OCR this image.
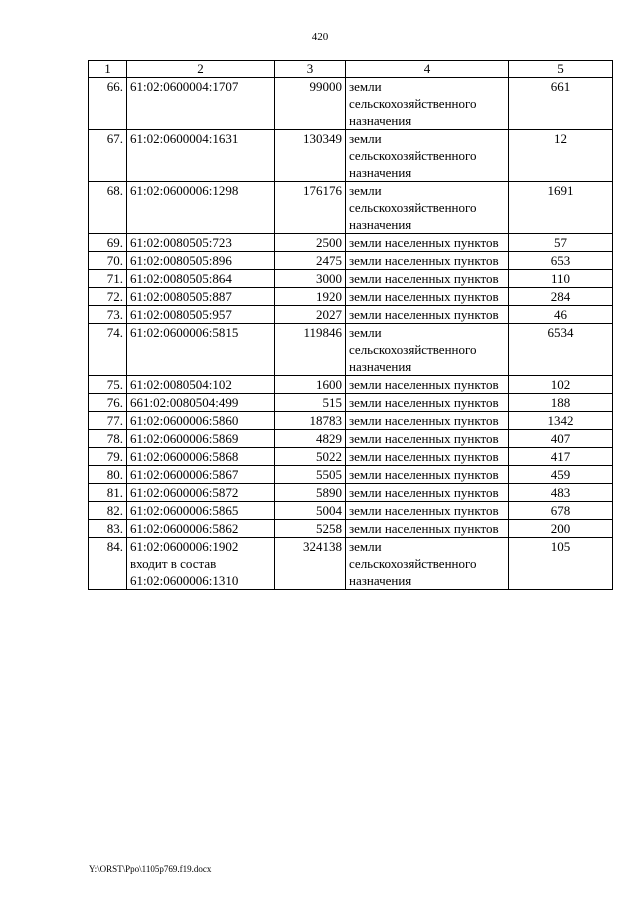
420
1	2	3	4	5
66.	61:02:0600004:1707	99000	земли сельскохозяйственного назначения	661
67.	61:02:0600004:1631	130349	земли сельскохозяйственного назначения	12
68.	61:02:0600006:1298	176176	земли сельскохозяйственного назначения	1691
69.	61:02:0080505:723	2500	земли населенных пунктов	57
70.	61:02:0080505:896	2475	земли населенных пунктов	653
71.	61:02:0080505:864	3000	земли населенных пунктов	110
72.	61:02:0080505:887	1920	земли населенных пунктов	284
73.	61:02:0080505:957	2027	земли населенных пунктов	46
74.	61:02:0600006:5815	119846	земли сельскохозяйственного назначения	6534
75.	61:02:0080504:102	1600	земли населенных пунктов	102
76.	661:02:0080504:499	515	земли населенных пунктов	188
77.	61:02:0600006:5860	18783	земли населенных пунктов	1342
78.	61:02:0600006:5869	4829	земли населенных пунктов	407
79.	61:02:0600006:5868	5022	земли населенных пунктов	417
80.	61:02:0600006:5867	5505	земли населенных пунктов	459
81.	61:02:0600006:5872	5890	земли населенных пунктов	483
82.	61:02:0600006:5865	5004	земли населенных пунктов	678
83.	61:02:0600006:5862	5258	земли населенных пунктов	200
84.	61:02:0600006:1902
входит в состав
61:02:0600006:1310	324138	земли сельскохозяйственного назначения	105
Y:\ORST\Ppo\1105p769.f19.docx
